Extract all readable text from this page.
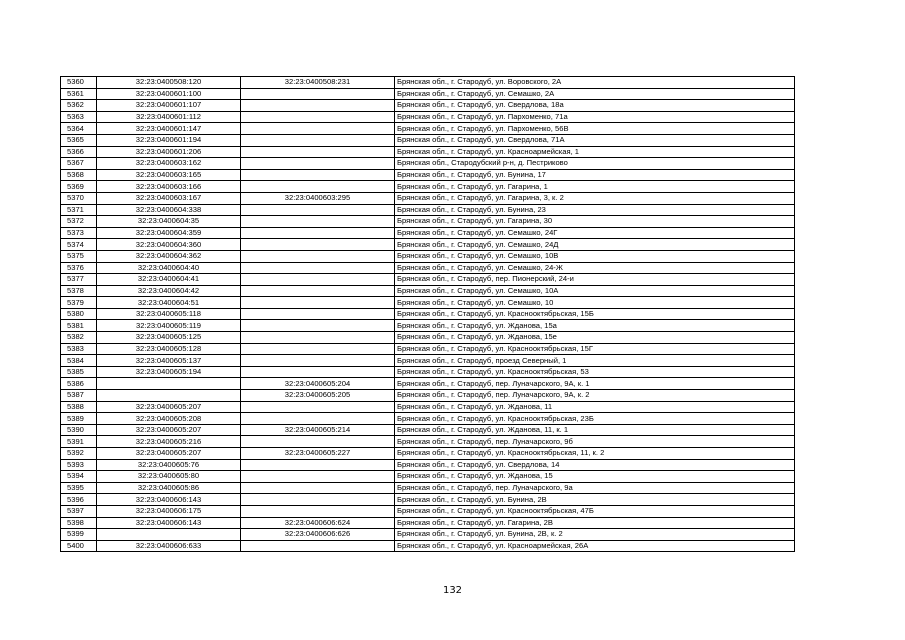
5360	32:23:0400508:120	32:23:0400508:231	Брянская обл., г. Стародуб, ул. Воровского, 2А
5361	32:23:0400601:100		Брянская обл., г. Стародуб, ул. Семашко, 2А
5362	32:23:0400601:107		Брянская обл., г. Стародуб, ул. Свердлова, 18а
5363	32:23:0400601:112		Брянская обл., г. Стародуб, ул. Пархоменко, 71а
5364	32:23:0400601:147		Брянская обл., г. Стародуб, ул. Пархоменко, 56В
5365	32:23:0400601:194		Брянская обл., г. Стародуб, ул. Свердлова, 71А
5366	32:23:0400601:206		Брянская обл., г. Стародуб, ул. Красноармейская, 1
5367	32:23:0400603:162		Брянская обл., Стародубский р-н, д. Пестриково
5368	32:23:0400603:165		Брянская обл., г. Стародуб, ул. Бунина, 17
5369	32:23:0400603:166		Брянская обл., г. Стародуб, ул. Гагарина, 1
5370	32:23:0400603:167	32:23:0400603:295	Брянская обл., г. Стародуб, ул. Гагарина, 3, к. 2
5371	32:23:0400604:338		Брянская обл., г. Стародуб, ул. Бунина, 23
5372	32:23:0400604:35		Брянская обл., г. Стародуб, ул. Гагарина, 30
5373	32:23:0400604:359		Брянская обл., г. Стародуб, ул. Семашко, 24Г
5374	32:23:0400604:360		Брянская обл., г. Стародуб, ул. Семашко, 24Д
5375	32:23:0400604:362		Брянская обл., г. Стародуб, ул. Семашко, 10В
5376	32:23:0400604:40		Брянская обл., г. Стародуб, ул. Семашко, 24-Ж
5377	32:23:0400604:41		Брянская обл., г. Стародуб, пер. Пионерский, 24-и
5378	32:23:0400604:42		Брянская обл., г. Стародуб, ул. Семашко, 10А
5379	32:23:0400604:51		Брянская обл., г. Стародуб, ул. Семашко, 10
5380	32:23:0400605:118		Брянская обл., г. Стародуб, ул. Краснооктябрьская, 15Б
5381	32:23:0400605:119		Брянская обл., г. Стародуб, ул. Жданова, 15а
5382	32:23:0400605:125		Брянская обл., г. Стародуб, ул. Жданова, 15е
5383	32:23:0400605:128		Брянская обл., г. Стародуб, ул. Краснооктябрьская, 15Г
5384	32:23:0400605:137		Брянская обл., г. Стародуб, проезд Северный, 1
5385	32:23:0400605:194		Брянская обл., г. Стародуб, ул. Краснооктябрьская, 53
5386		32:23:0400605:204	Брянская обл., г. Стародуб, пер. Луначарского, 9А, к. 1
5387		32:23:0400605:205	Брянская обл., г. Стародуб, пер. Луначарского, 9А, к. 2
5388	32:23:0400605:207		Брянская обл., г. Стародуб, ул. Жданова, 11
5389	32:23:0400605:208		Брянская обл., г. Стародуб, ул. Краснооктябрьская, 23Б
5390	32:23:0400605:207	32:23:0400605:214	Брянская обл., г. Стародуб, ул. Жданова, 11, к. 1
5391	32:23:0400605:216		Брянская обл., г. Стародуб, пер. Луначарского, 9б
5392	32:23:0400605:207	32:23:0400605:227	Брянская обл., г. Стародуб, ул. Краснооктябрьская, 11, к. 2
5393	32:23:0400605:76		Брянская обл., г. Стародуб, ул. Свердлова, 14
5394	32:23:0400605:80		Брянская обл., г. Стародуб, ул. Жданова, 15
5395	32:23:0400605:86		Брянская обл., г. Стародуб, пер. Луначарского, 9а
5396	32:23:0400606:143		Брянская обл., г. Стародуб, ул. Бунина, 2В
5397	32:23:0400606:175		Брянская обл., г. Стародуб, ул. Краснооктябрьская, 47Б
5398	32:23:0400606:143	32:23:0400606:624	Брянская обл., г. Стародуб, ул. Гагарина, 2В
5399		32:23:0400606:626	Брянская обл., г. Стародуб, ул. Бунина, 2В, к. 2
5400	32:23:0400606:633		Брянская обл., г. Стародуб, ул. Красноармейская, 26А
132
